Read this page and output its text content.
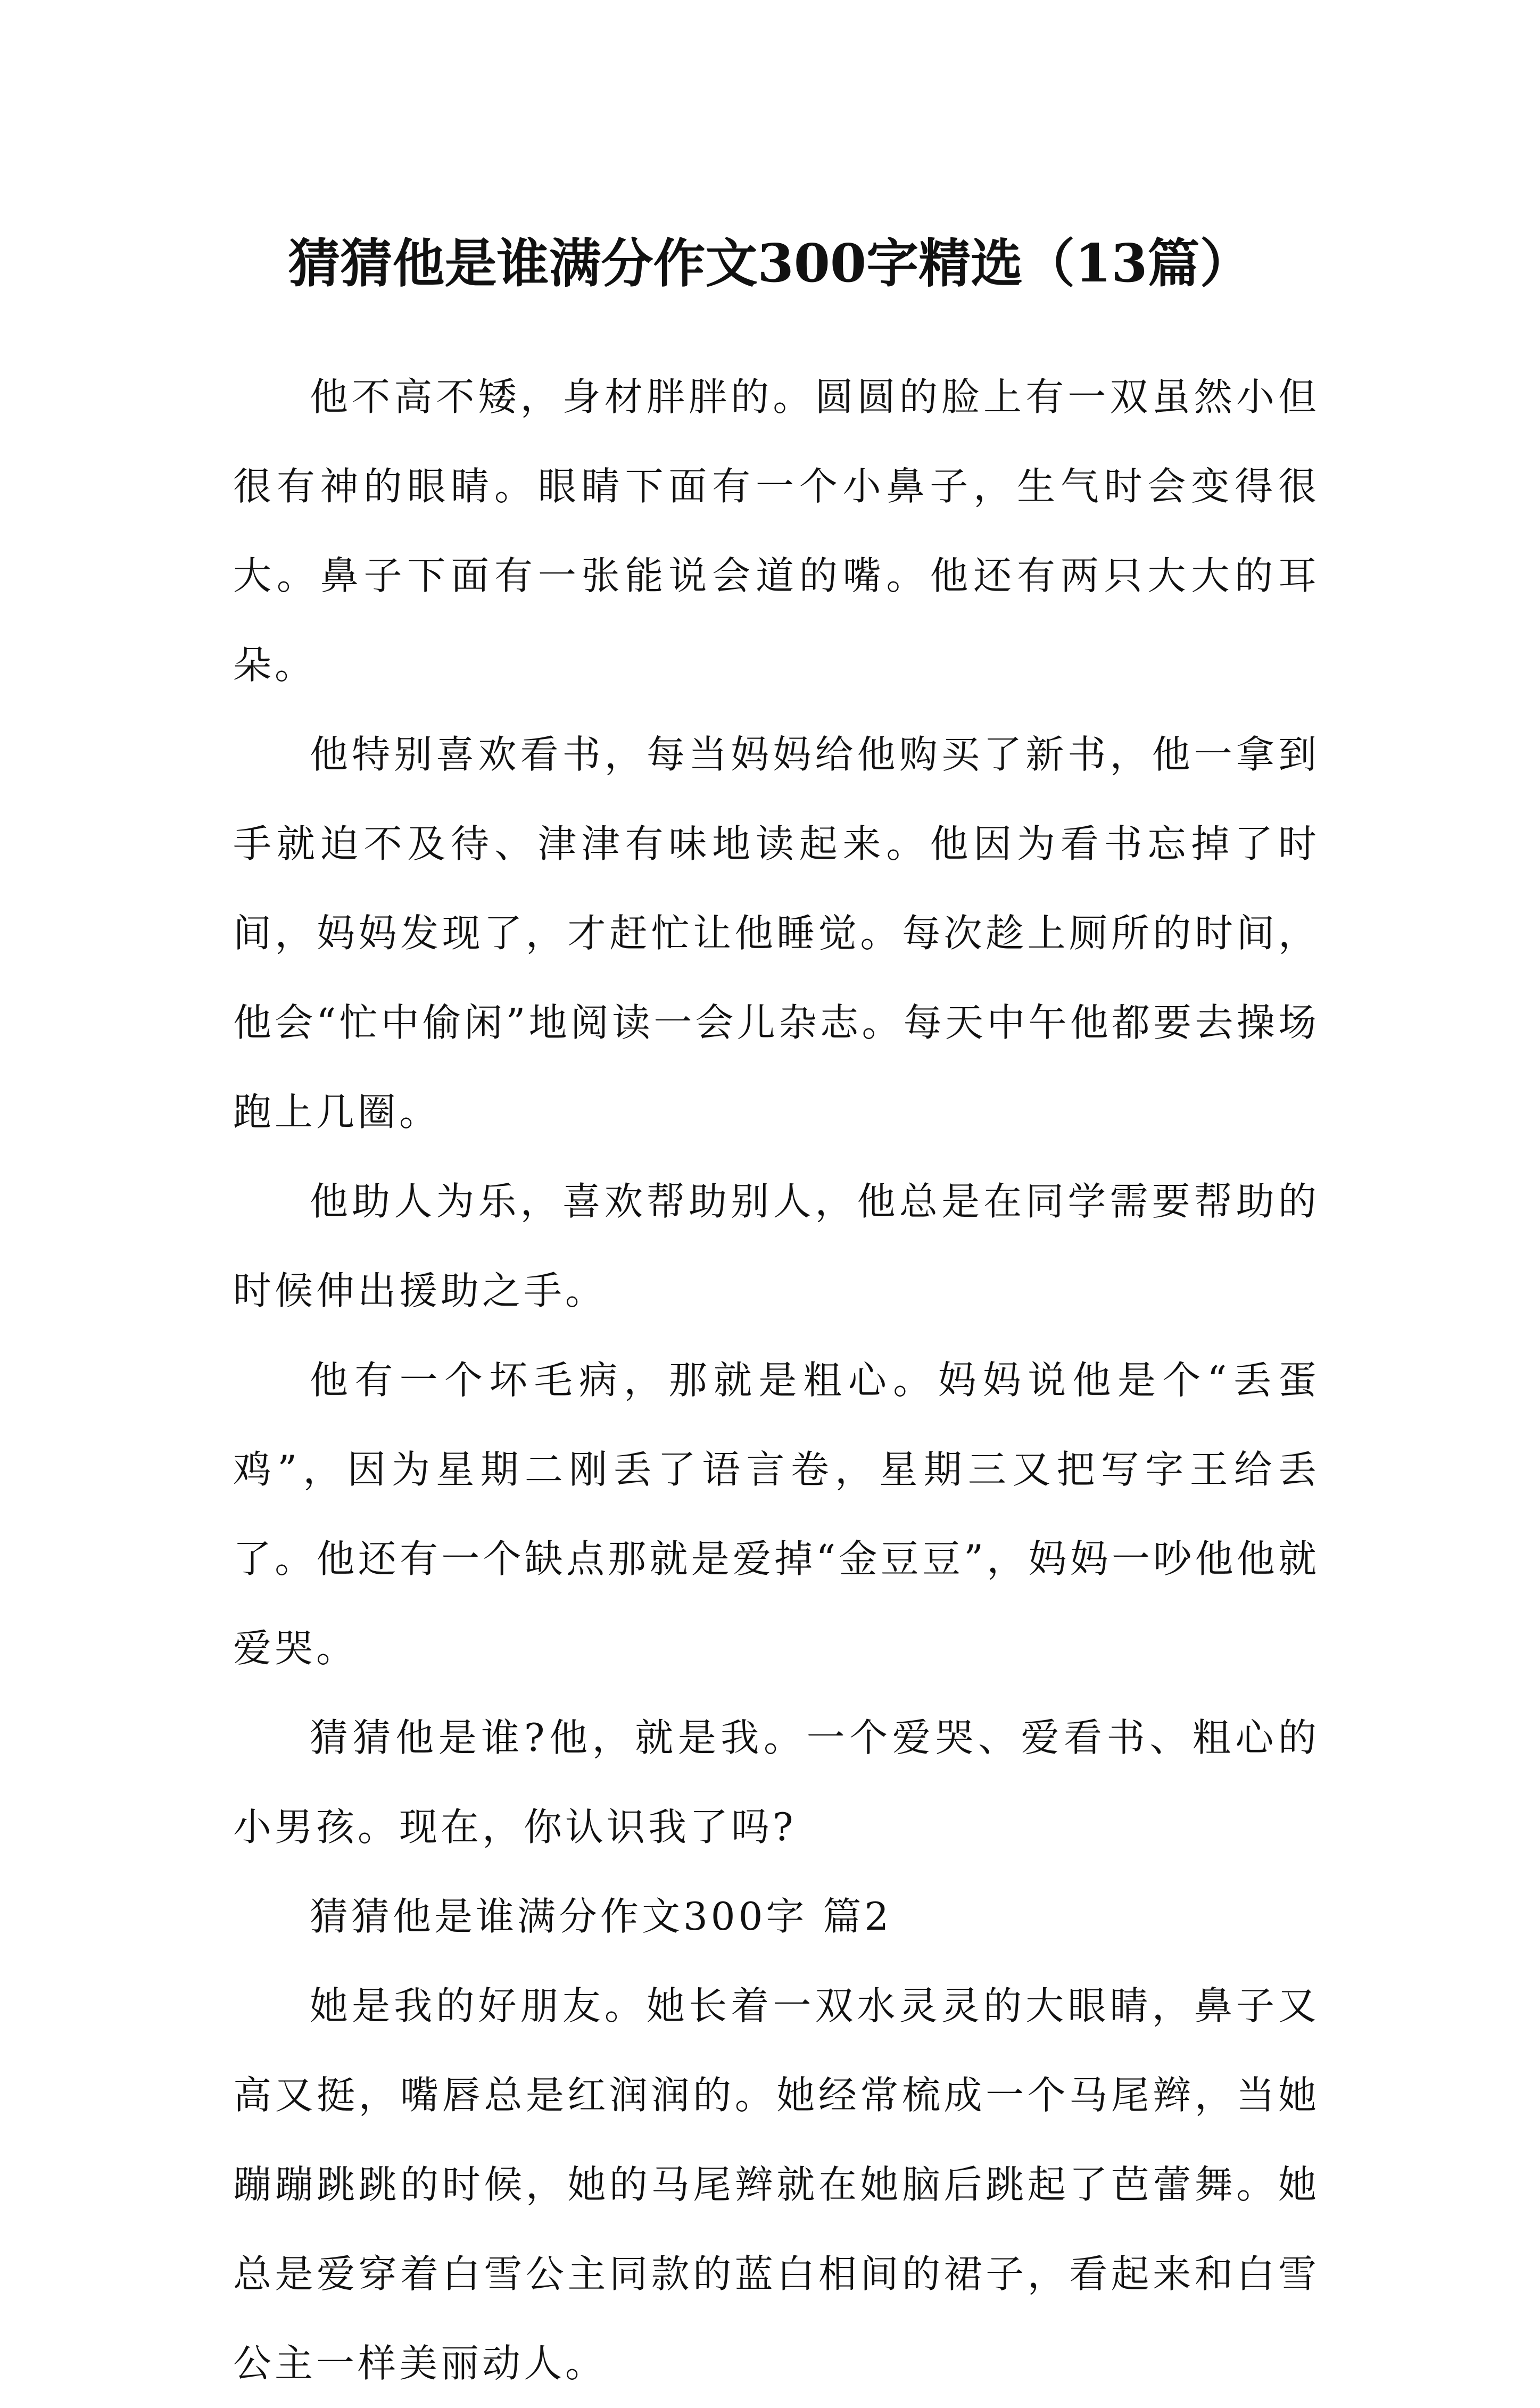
猜猜他是谁满分作文300字精选（13篇）

他不高不矮，身材胖胖的。圆圆的脸上有一双虽然小但很有神的眼睛。眼睛下面有一个小鼻子，生气时会变得很大。鼻子下面有一张能说会道的嘴。他还有两只大大的耳朵。

他特别喜欢看书，每当妈妈给他购买了新书，他一拿到手就迫不及待、津津有味地读起来。他因为看书忘掉了时间，妈妈发现了，才赶忙让他睡觉。每次趁上厕所的时间，他会“忙中偷闲”地阅读一会儿杂志。每天中午他都要去操场跑上几圈。

他助人为乐，喜欢帮助别人，他总是在同学需要帮助的时候伸出援助之手。

他有一个坏毛病，那就是粗心。妈妈说他是个“丢蛋鸡”，因为星期二刚丢了语言卷，星期三又把写字王给丢了。他还有一个缺点那就是爱掉“金豆豆”，妈妈一吵他他就爱哭。

猜猜他是谁?他，就是我。一个爱哭、爱看书、粗心的小男孩。现在，你认识我了吗?

猜猜他是谁满分作文300字 篇2

她是我的好朋友。她长着一双水灵灵的大眼睛，鼻子又高又挺，嘴唇总是红润润的。她经常梳成一个马尾辫，当她蹦蹦跳跳的时候，她的马尾辫就在她脑后跳起了芭蕾舞。她总是爱穿着白雪公主同款的蓝白相间的裙子，看起来和白雪公主一样美丽动人。
